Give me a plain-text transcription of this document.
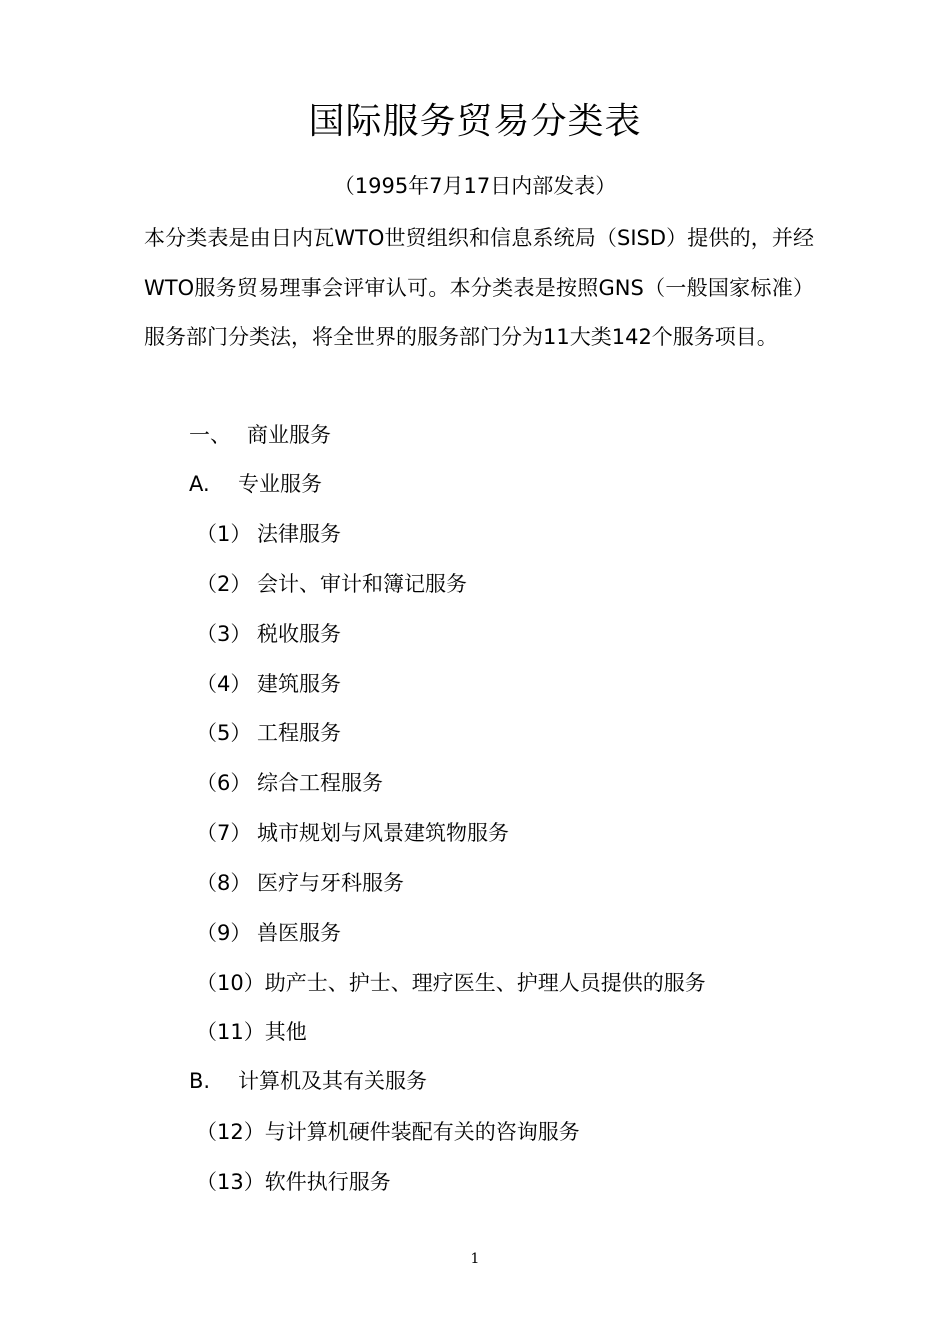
国际服务贸易分类表
（1995年7月17日内部发表）

本分类表是由日内瓦WTO世贸组织和信息系统局（SISD）提供的，并经WTO服务贸易理事会评审认可。本分类表是按照GNS（一般国家标准）服务部门分类法，将全世界的服务部门分为11大类142个服务项目。

一、 商业服务
A. 专业服务
（1） 法律服务
（2） 会计、审计和簿记服务
（3） 税收服务
（4） 建筑服务
（5） 工程服务
（6） 综合工程服务
（7） 城市规划与风景建筑物服务
（8） 医疗与牙科服务
（9） 兽医服务
（10）助产士、护士、理疗医生、护理人员提供的服务
（11）其他
B. 计算机及其有关服务
（12）与计算机硬件装配有关的咨询服务
（13）软件执行服务
1
